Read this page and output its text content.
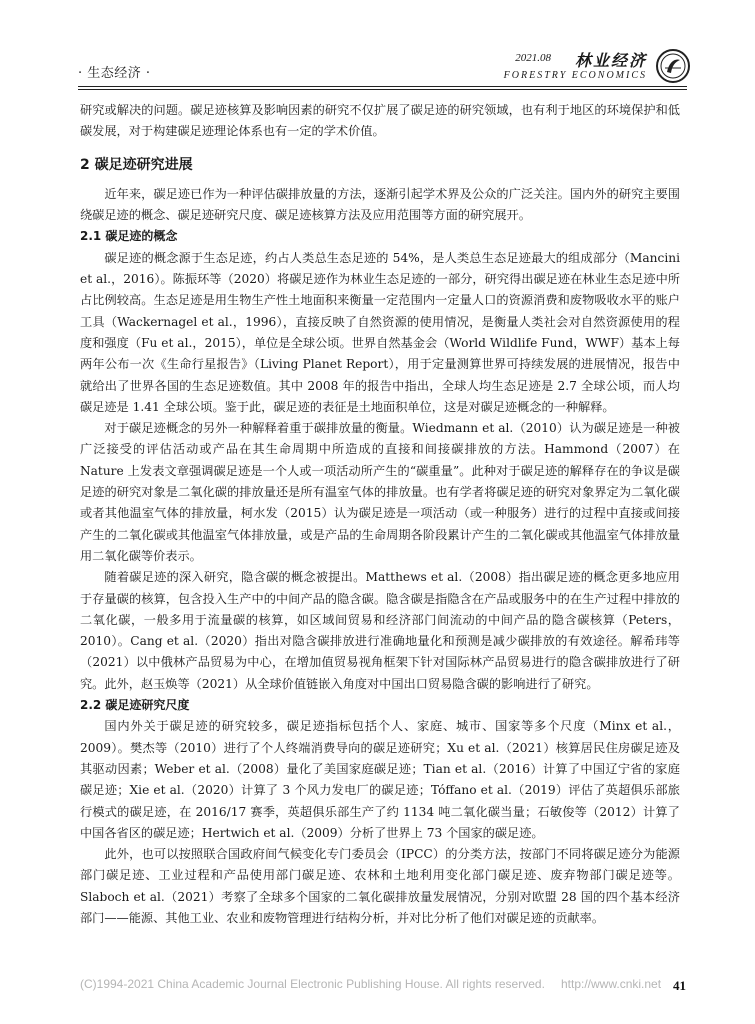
· 生态经济 ·
2021.08 林业经济
FORESTRY ECONOMICS

研究或解决的问题。碳足迹核算及影响因素的研究不仅扩展了碳足迹的研究领域，也有利于地区的环境保护和低碳发展，对于构建碳足迹理论体系也有一定的学术价值。

2 碳足迹研究进展

近年来，碳足迹已作为一种评估碳排放量的方法，逐渐引起学术界及公众的广泛关注。国内外的研究主要围绕碳足迹的概念、碳足迹研究尺度、碳足迹核算方法及应用范围等方面的研究展开。

2.1 碳足迹的概念

碳足迹的概念源于生态足迹，约占人类总生态足迹的 54%，是人类总生态足迹最大的组成部分（Mancini et al.，2016）。陈振环等（2020）将碳足迹作为林业生态足迹的一部分，研究得出碳足迹在林业生态足迹中所占比例较高。生态足迹是用生物生产性土地面积来衡量一定范围内一定量人口的资源消费和废物吸收水平的账户工具（Wackernagel et al.，1996），直接反映了自然资源的使用情况，是衡量人类社会对自然资源使用的程度和强度（Fu et al.，2015），单位是全球公顷。世界自然基金会（World Wildlife Fund，WWF）基本上每两年公布一次《生命行星报告》（Living Planet Report），用于定量测算世界可持续发展的进展情况，报告中就给出了世界各国的生态足迹数值。其中 2008 年的报告中指出，全球人均生态足迹是 2.7 全球公顷，而人均碳足迹是 1.41 全球公顷。鉴于此，碳足迹的表征是土地面积单位，这是对碳足迹概念的一种解释。

对于碳足迹概念的另外一种解释着重于碳排放量的衡量。Wiedmann et al.（2010）认为碳足迹是一种被广泛接受的评估活动或产品在其生命周期中所造成的直接和间接碳排放的方法。Hammond（2007）在 Nature 上发表文章强调碳足迹是一个人或一项活动所产生的“碳重量”。此种对于碳足迹的解释存在的争议是碳足迹的研究对象是二氧化碳的排放量还是所有温室气体的排放量。也有学者将碳足迹的研究对象界定为二氧化碳或者其他温室气体的排放量，柯水发（2015）认为碳足迹是一项活动（或一种服务）进行的过程中直接或间接产生的二氧化碳或其他温室气体排放量，或是产品的生命周期各阶段累计产生的二氧化碳或其他温室气体排放量用二氧化碳等价表示。

随着碳足迹的深入研究，隐含碳的概念被提出。Matthews et al.（2008）指出碳足迹的概念更多地应用于存量碳的核算，包含投入生产中的中间产品的隐含碳。隐含碳是指隐含在产品或服务中的在生产过程中排放的二氧化碳，一般多用于流量碳的核算，如区域间贸易和经济部门间流动的中间产品的隐含碳核算（Peters，2010）。Cang et al.（2020）指出对隐含碳排放进行准确地量化和预测是减少碳排放的有效途径。解希玮等（2021）以中俄林产品贸易为中心，在增加值贸易视角框架下针对国际林产品贸易进行的隐含碳排放进行了研究。此外，赵玉焕等（2021）从全球价值链嵌入角度对中国出口贸易隐含碳的影响进行了研究。

2.2 碳足迹研究尺度

国内外关于碳足迹的研究较多，碳足迹指标包括个人、家庭、城市、国家等多个尺度（Minx et al.，2009）。樊杰等（2010）进行了个人终端消费导向的碳足迹研究；Xu et al.（2021）核算居民住房碳足迹及其驱动因素；Weber et al.（2008）量化了美国家庭碳足迹；Tian et al.（2016）计算了中国辽宁省的家庭碳足迹；Xie et al.（2020）计算了 3 个风力发电厂的碳足迹；Tóffano et al.（2019）评估了英超俱乐部旅行模式的碳足迹，在 2016/17 赛季，英超俱乐部生产了约 1134 吨二氧化碳当量；石敏俊等（2012）计算了中国各省区的碳足迹；Hertwich et al.（2009）分析了世界上 73 个国家的碳足迹。

此外，也可以按照联合国政府间气候变化专门委员会（IPCC）的分类方法，按部门不同将碳足迹分为能源部门碳足迹、工业过程和产品使用部门碳足迹、农林和土地利用变化部门碳足迹、废弃物部门碳足迹等。Slaboch et al.（2021）考察了全球多个国家的二氧化碳排放量发展情况，分别对欧盟 28 国的四个基本经济部门——能源、其他工业、农业和废物管理进行结构分析，并对比分析了他们对碳足迹的贡献率。

(C)1994-2021 China Academic Journal Electronic Publishing House. All rights reserved. http://www.cnki.net 41
